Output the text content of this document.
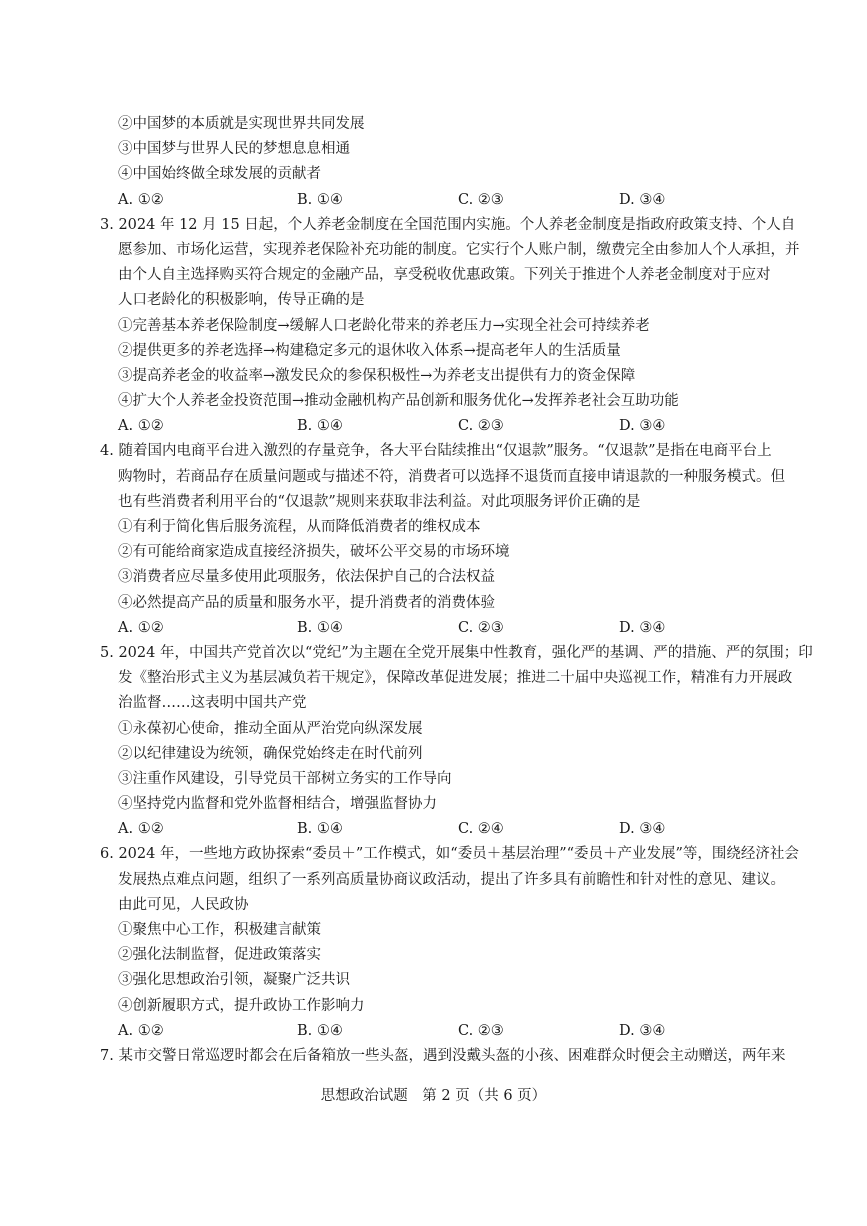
②中国梦的本质就是实现世界共同发展
③中国梦与世界人民的梦想息息相通
④中国始终做全球发展的贡献者
A. ①②	B. ①④	C. ②③	D. ③④
3. 2024 年 12 月 15 日起，个人养老金制度在全国范围内实施。个人养老金制度是指政府政策支持、个人自
愿参加、市场化运营，实现养老保险补充功能的制度。它实行个人账户制，缴费完全由参加人个人承担，并
由个人自主选择购买符合规定的金融产品，享受税收优惠政策。下列关于推进个人养老金制度对于应对
人口老龄化的积极影响，传导正确的是
①完善基本养老保险制度→缓解人口老龄化带来的养老压力→实现全社会可持续养老
②提供更多的养老选择→构建稳定多元的退休收入体系→提高老年人的生活质量
③提高养老金的收益率→激发民众的参保积极性→为养老支出提供有力的资金保障
④扩大个人养老金投资范围→推动金融机构产品创新和服务优化→发挥养老社会互助功能
A. ①②	B. ①④	C. ②③	D. ③④
4. 随着国内电商平台进入激烈的存量竞争，各大平台陆续推出“仅退款”服务。“仅退款”是指在电商平台上
购物时，若商品存在质量问题或与描述不符，消费者可以选择不退货而直接申请退款的一种服务模式。但
也有些消费者利用平台的“仅退款”规则来获取非法利益。对此项服务评价正确的是
①有利于简化售后服务流程，从而降低消费者的维权成本
②有可能给商家造成直接经济损失，破坏公平交易的市场环境
③消费者应尽量多使用此项服务，依法保护自己的合法权益
④必然提高产品的质量和服务水平，提升消费者的消费体验
A. ①②	B. ①④	C. ②③	D. ③④
5. 2024 年，中国共产党首次以“党纪”为主题在全党开展集中性教育，强化严的基调、严的措施、严的氛围；印
发《整治形式主义为基层减负若干规定》，保障改革促进发展；推进二十届中央巡视工作，精准有力开展政
治监督……这表明中国共产党
①永葆初心使命，推动全面从严治党向纵深发展
②以纪律建设为统领，确保党始终走在时代前列
③注重作风建设，引导党员干部树立务实的工作导向
④坚持党内监督和党外监督相结合，增强监督协力
A. ①②	B. ①④	C. ②④	D. ③④
6. 2024 年，一些地方政协探索“委员＋”工作模式，如“委员＋基层治理”“委员＋产业发展”等，围绕经济社会
发展热点难点问题，组织了一系列高质量协商议政活动，提出了许多具有前瞻性和针对性的意见、建议。
由此可见，人民政协
①聚焦中心工作，积极建言献策
②强化法制监督，促进政策落实
③强化思想政治引领，凝聚广泛共识
④创新履职方式，提升政协工作影响力
A. ①②	B. ①④	C. ②③	D. ③④
7. 某市交警日常巡逻时都会在后备箱放一些头盔，遇到没戴头盔的小孩、困难群众时便会主动赠送，两年来
思想政治试题　第 2 页（共 6 页）
